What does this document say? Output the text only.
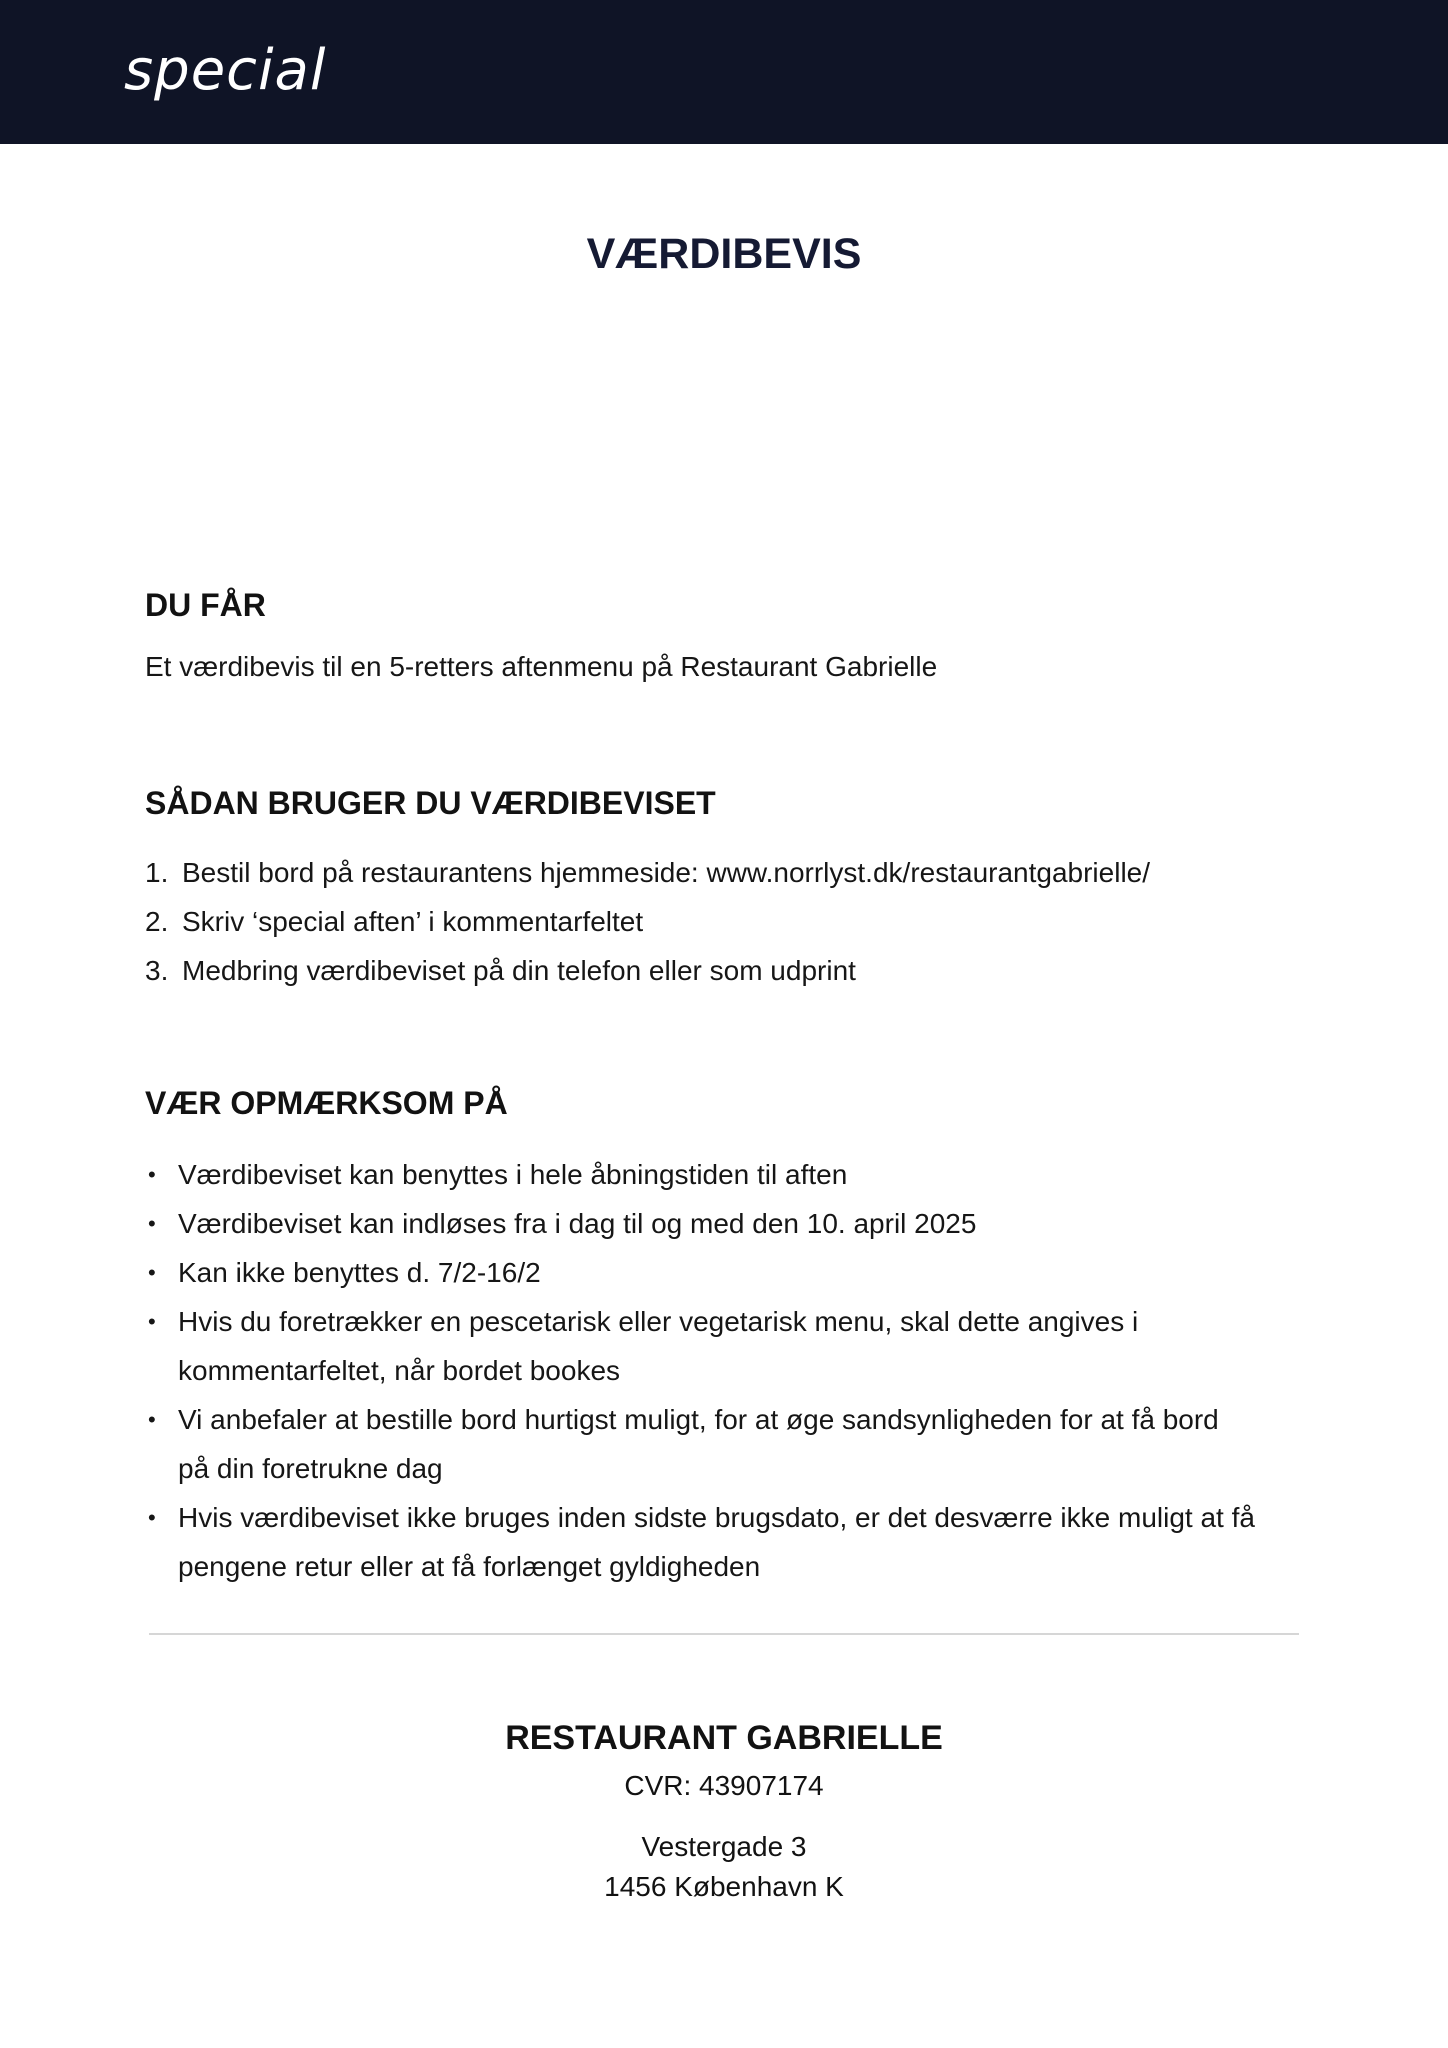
special
VÆRDIBEVIS
DU FÅR
Et værdibevis til en 5-retters aftenmenu på Restaurant Gabrielle
SÅDAN BRUGER DU VÆRDIBEVISET
1. Bestil bord på restaurantens hjemmeside: www.norrlyst.dk/restaurantgabrielle/
2. Skriv ‘special aften’ i kommentarfeltet
3. Medbring værdibeviset på din telefon eller som udprint
VÆR OPMÆRKSOM PÅ
• Værdibeviset kan benyttes i hele åbningstiden til aften
• Værdibeviset kan indløses fra i dag til og med den 10. april 2025
• Kan ikke benyttes d. 7/2-16/2
• Hvis du foretrækker en pescetarisk eller vegetarisk menu, skal dette angives i kommentarfeltet, når bordet bookes
• Vi anbefaler at bestille bord hurtigst muligt, for at øge sandsynligheden for at få bord på din foretrukne dag
• Hvis værdibeviset ikke bruges inden sidste brugsdato, er det desværre ikke muligt at få pengene retur eller at få forlænget gyldigheden
RESTAURANT GABRIELLE
CVR: 43907174
Vestergade 3
1456 København K
